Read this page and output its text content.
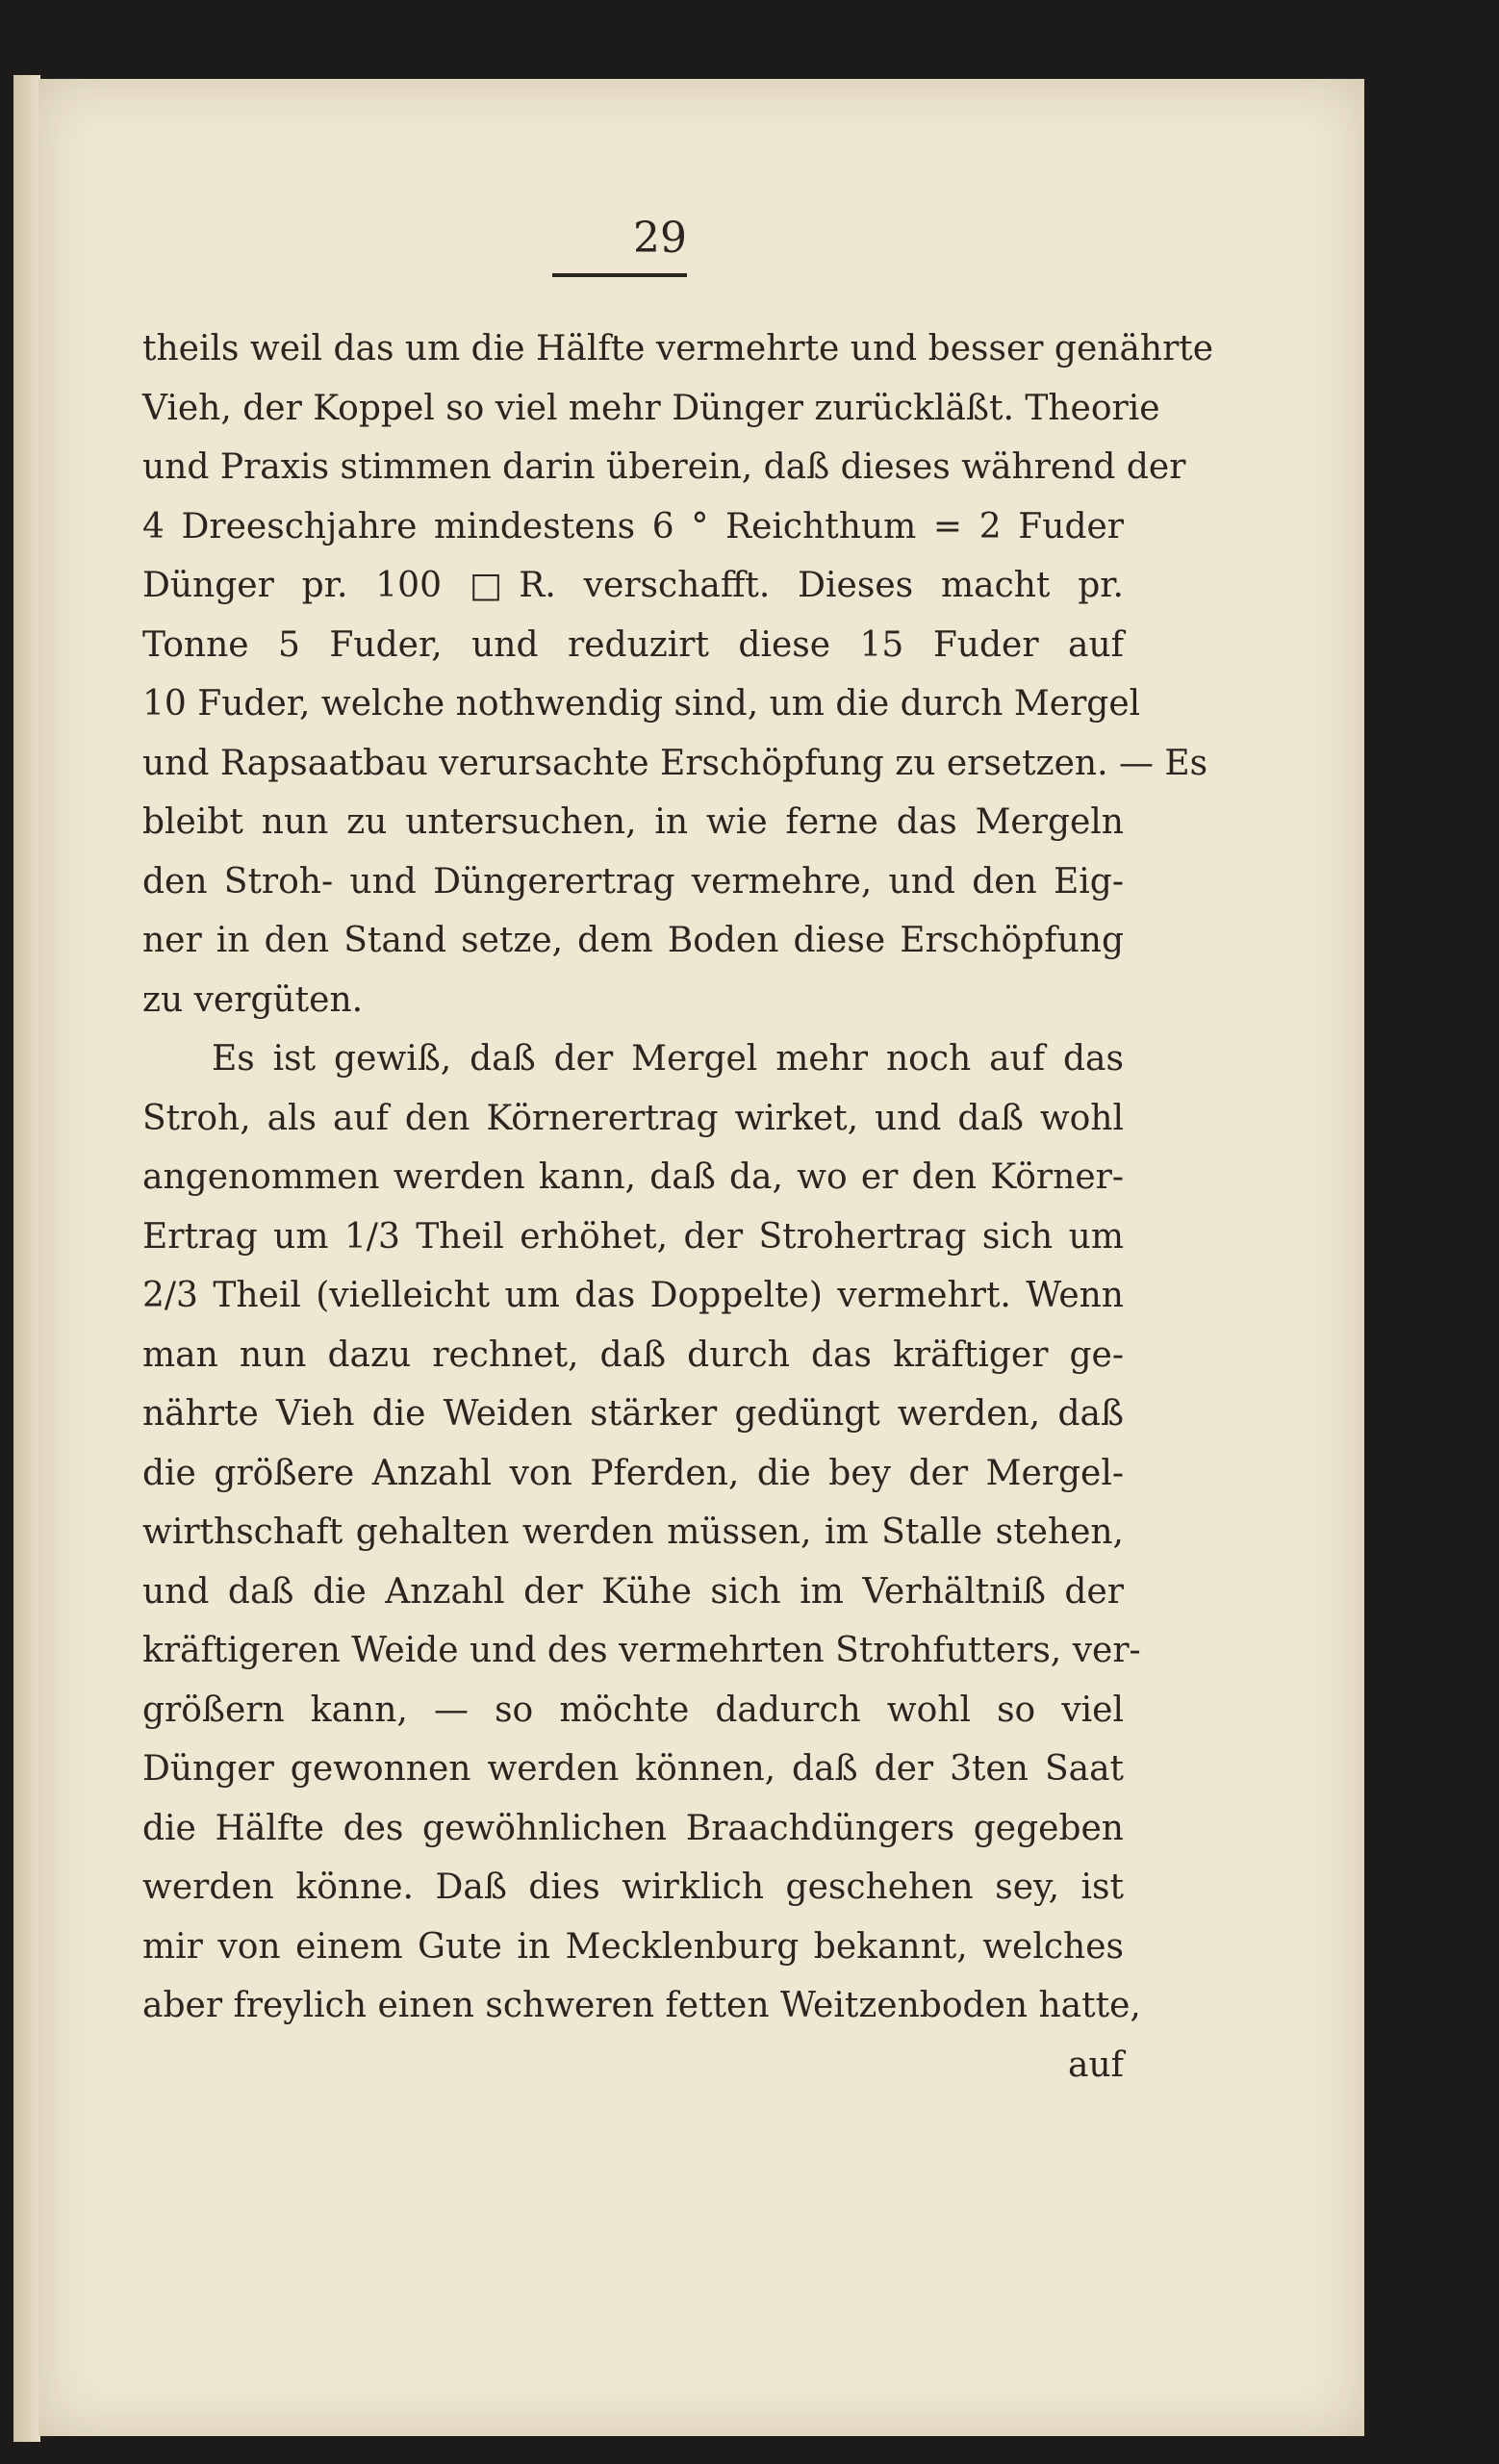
29
theils weil das um die Hälfte vermehrte und besser genährte
Vieh, der Koppel so viel mehr Dünger zurückläßt. Theorie
und Praxis stimmen darin überein, daß dieses während der
4 Dreeschjahre mindestens 6 ° Reichthum = 2 Fuder
Dünger pr. 100 □R. verschafft. Dieses macht pr.
Tonne 5 Fuder, und reduzirt diese 15 Fuder auf
10 Fuder, welche nothwendig sind, um die durch Mergel
und Rapsaatbau verursachte Erschöpfung zu ersetzen. — Es
bleibt nun zu untersuchen, in wie ferne das Mergeln
den Stroh- und Düngerertrag vermehre, und den Eig-
ner in den Stand setze, dem Boden diese Erschöpfung
zu vergüten.
Es ist gewiß, daß der Mergel mehr noch auf das
Stroh, als auf den Körnerertrag wirket, und daß wohl
angenommen werden kann, daß da, wo er den Körner-
Ertrag um 1/3 Theil erhöhet, der Strohertrag sich um
2/3 Theil (vielleicht um das Doppelte) vermehrt. Wenn
man nun dazu rechnet, daß durch das kräftiger ge-
nährte Vieh die Weiden stärker gedüngt werden, daß
die größere Anzahl von Pferden, die bey der Mergel-
wirthschaft gehalten werden müssen, im Stalle stehen,
und daß die Anzahl der Kühe sich im Verhältniß der
kräftigeren Weide und des vermehrten Strohfutters, ver-
größern kann, — so möchte dadurch wohl so viel
Dünger gewonnen werden können, daß der 3ten Saat
die Hälfte des gewöhnlichen Braachdüngers gegeben
werden könne. Daß dies wirklich geschehen sey, ist
mir von einem Gute in Mecklenburg bekannt, welches
aber freylich einen schweren fetten Weitzenboden hatte,
auf
